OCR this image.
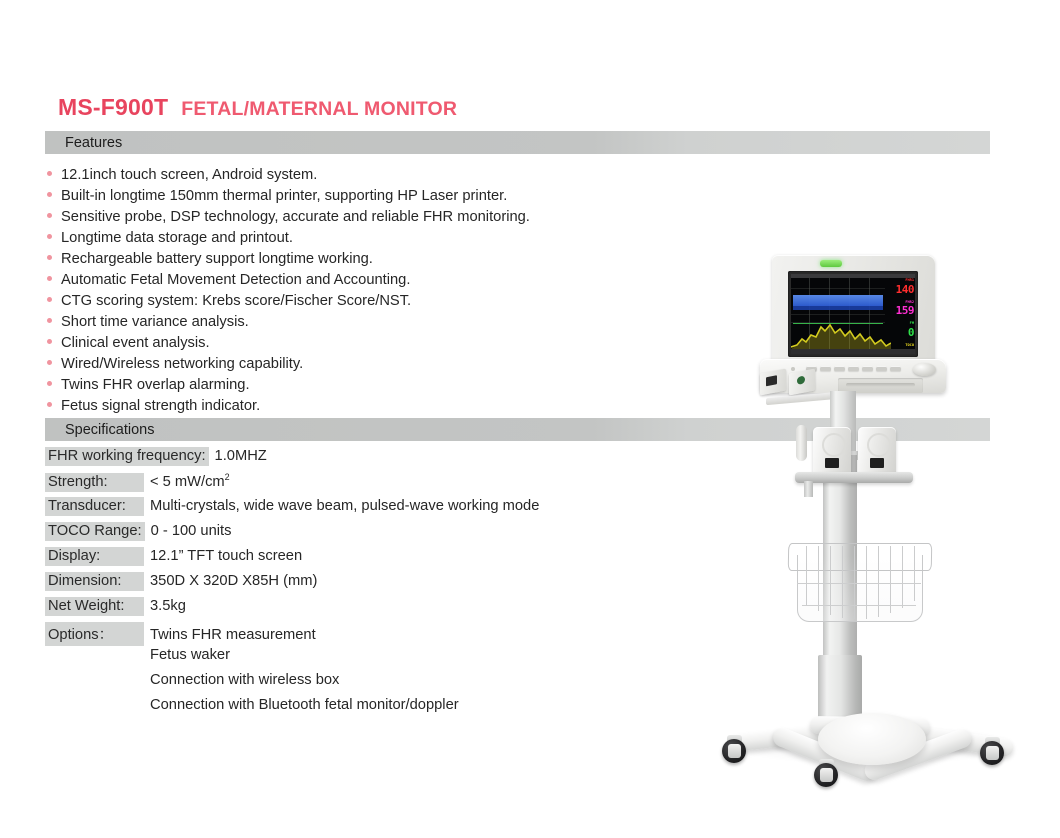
MS-F900T FETAL/MATERNAL MONITOR
Features
12.1inch touch screen, Android system.
Built-in longtime 150mm thermal printer, supporting HP Laser printer.
Sensitive probe, DSP technology, accurate and reliable FHR monitoring.
Longtime data storage and printout.
Rechargeable battery support longtime working.
Automatic Fetal Movement Detection and Accounting.
CTG scoring system: Krebs score/Fischer Score/NST.
Short time variance analysis.
Clinical event analysis.
Wired/Wireless networking capability.
Twins FHR overlap alarming.
Fetus signal strength indicator.
Specifications
FHR working frequency: 1.0MHZ
Strength:	< 5 $mW/cm^2$
Transducer:	Multi-crystals, wide wave beam, pulsed-wave working mode
TOCO Range: 0 - 100 units
Display:	12.1” TFT touch screen
Dimension:	350D X 320D X85H (mm)
Net Weight:	3.5kg
Options：	Twins FHR measurement
Fetus waker
Connection with wireless box
Connection with Bluetooth fetal monitor/doppler
FHR1
140
FHR2
159
FM
0
TOCO
